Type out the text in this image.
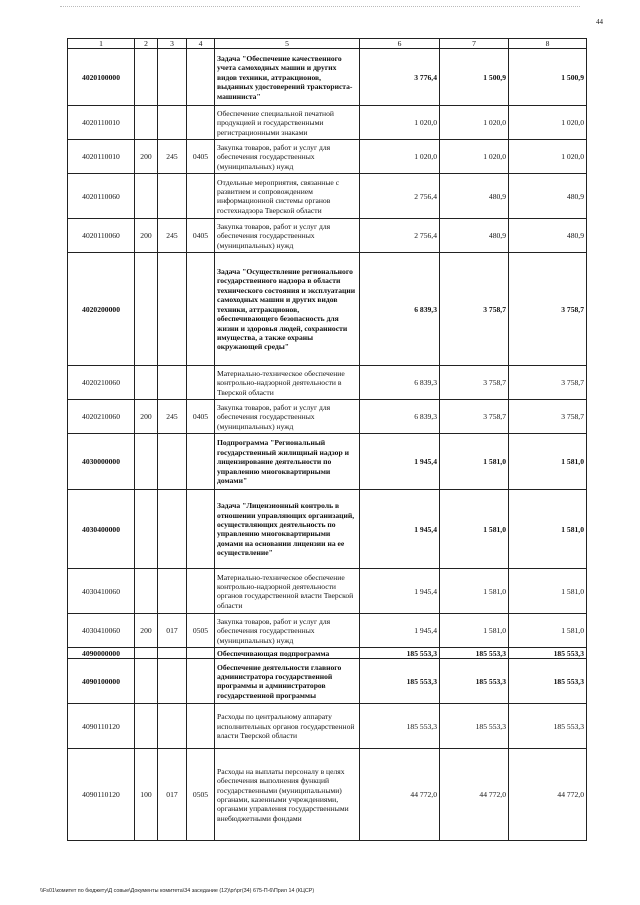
44
1	2	3	4	5	6	7	8
4020100000				Задача "Обеспечение качественного учета самоходных машин и других видов техники, аттракционов, выданных удостоверений тракториста-машиниста"	3 776,4	1 500,9	1 500,9
4020110010				Обеспечение специальной печатной продукцией и государственными регистрационными знаками	1 020,0	1 020,0	1 020,0
4020110010	200	245	0405	Закупка товаров, работ и услуг для обеспечения государственных (муниципальных) нужд	1 020,0	1 020,0	1 020,0
4020110060				Отдельные мероприятия, связанные с развитием и сопровождением информационной системы органов гостехнадзора Тверской области	2 756,4	480,9	480,9
4020110060	200	245	0405	Закупка товаров, работ и услуг для обеспечения государственных (муниципальных) нужд	2 756,4	480,9	480,9
4020200000				Задача "Осуществление регионального государственного надзора в области технического состояния и эксплуатации самоходных машин и других видов техники, аттракционов, обеспечивающего безопасность для жизни и здоровья людей, сохранности имущества, а также охраны окружающей среды"	6 839,3	3 758,7	3 758,7
4020210060				Материально-техническое обеспечение контрольно-надзорной деятельности в Тверской области	6 839,3	3 758,7	3 758,7
4020210060	200	245	0405	Закупка товаров, работ и услуг для обеспечения государственных (муниципальных) нужд	6 839,3	3 758,7	3 758,7
4030000000				Подпрограмма "Региональный государственный жилищный надзор и лицензирование деятельности по управлению многоквартирными домами"	1 945,4	1 581,0	1 581,0
4030400000				Задача "Лицензионный контроль в отношении управляющих организаций, осуществляющих деятельность по управлению многоквартирными домами на основании лицензии на ее осуществление"	1 945,4	1 581,0	1 581,0
4030410060				Материально-техническое обеспечение контрольно-надзорной деятельности органов государственной власти Тверской области	1 945,4	1 581,0	1 581,0
4030410060	200	017	0505	Закупка товаров, работ и услуг для обеспечения государственных (муниципальных) нужд	1 945,4	1 581,0	1 581,0
4090000000				Обеспечивающая подпрограмма	185 553,3	185 553,3	185 553,3
4090100000				Обеспечение деятельности главного администратора государственной программы и администраторов государственной программы	185 553,3	185 553,3	185 553,3
4090110120				Расходы по центральному аппарату исполнительных органов государственной власти Тверской области	185 553,3	185 553,3	185 553,3
4090110120	100	017	0505	Расходы на выплаты персоналу в целях обеспечения выполнения функций государственными (муниципальными) органами, казенными учреждениями, органами управления государственными внебюджетными фондами	44 772,0	44 772,0	44 772,0
\\Fs01\комитет по бюджету\Д совые\Документы комитета\34 заседание (12)\рг\рг(34) 675-П-6\Прил 14 (КЦСР)
